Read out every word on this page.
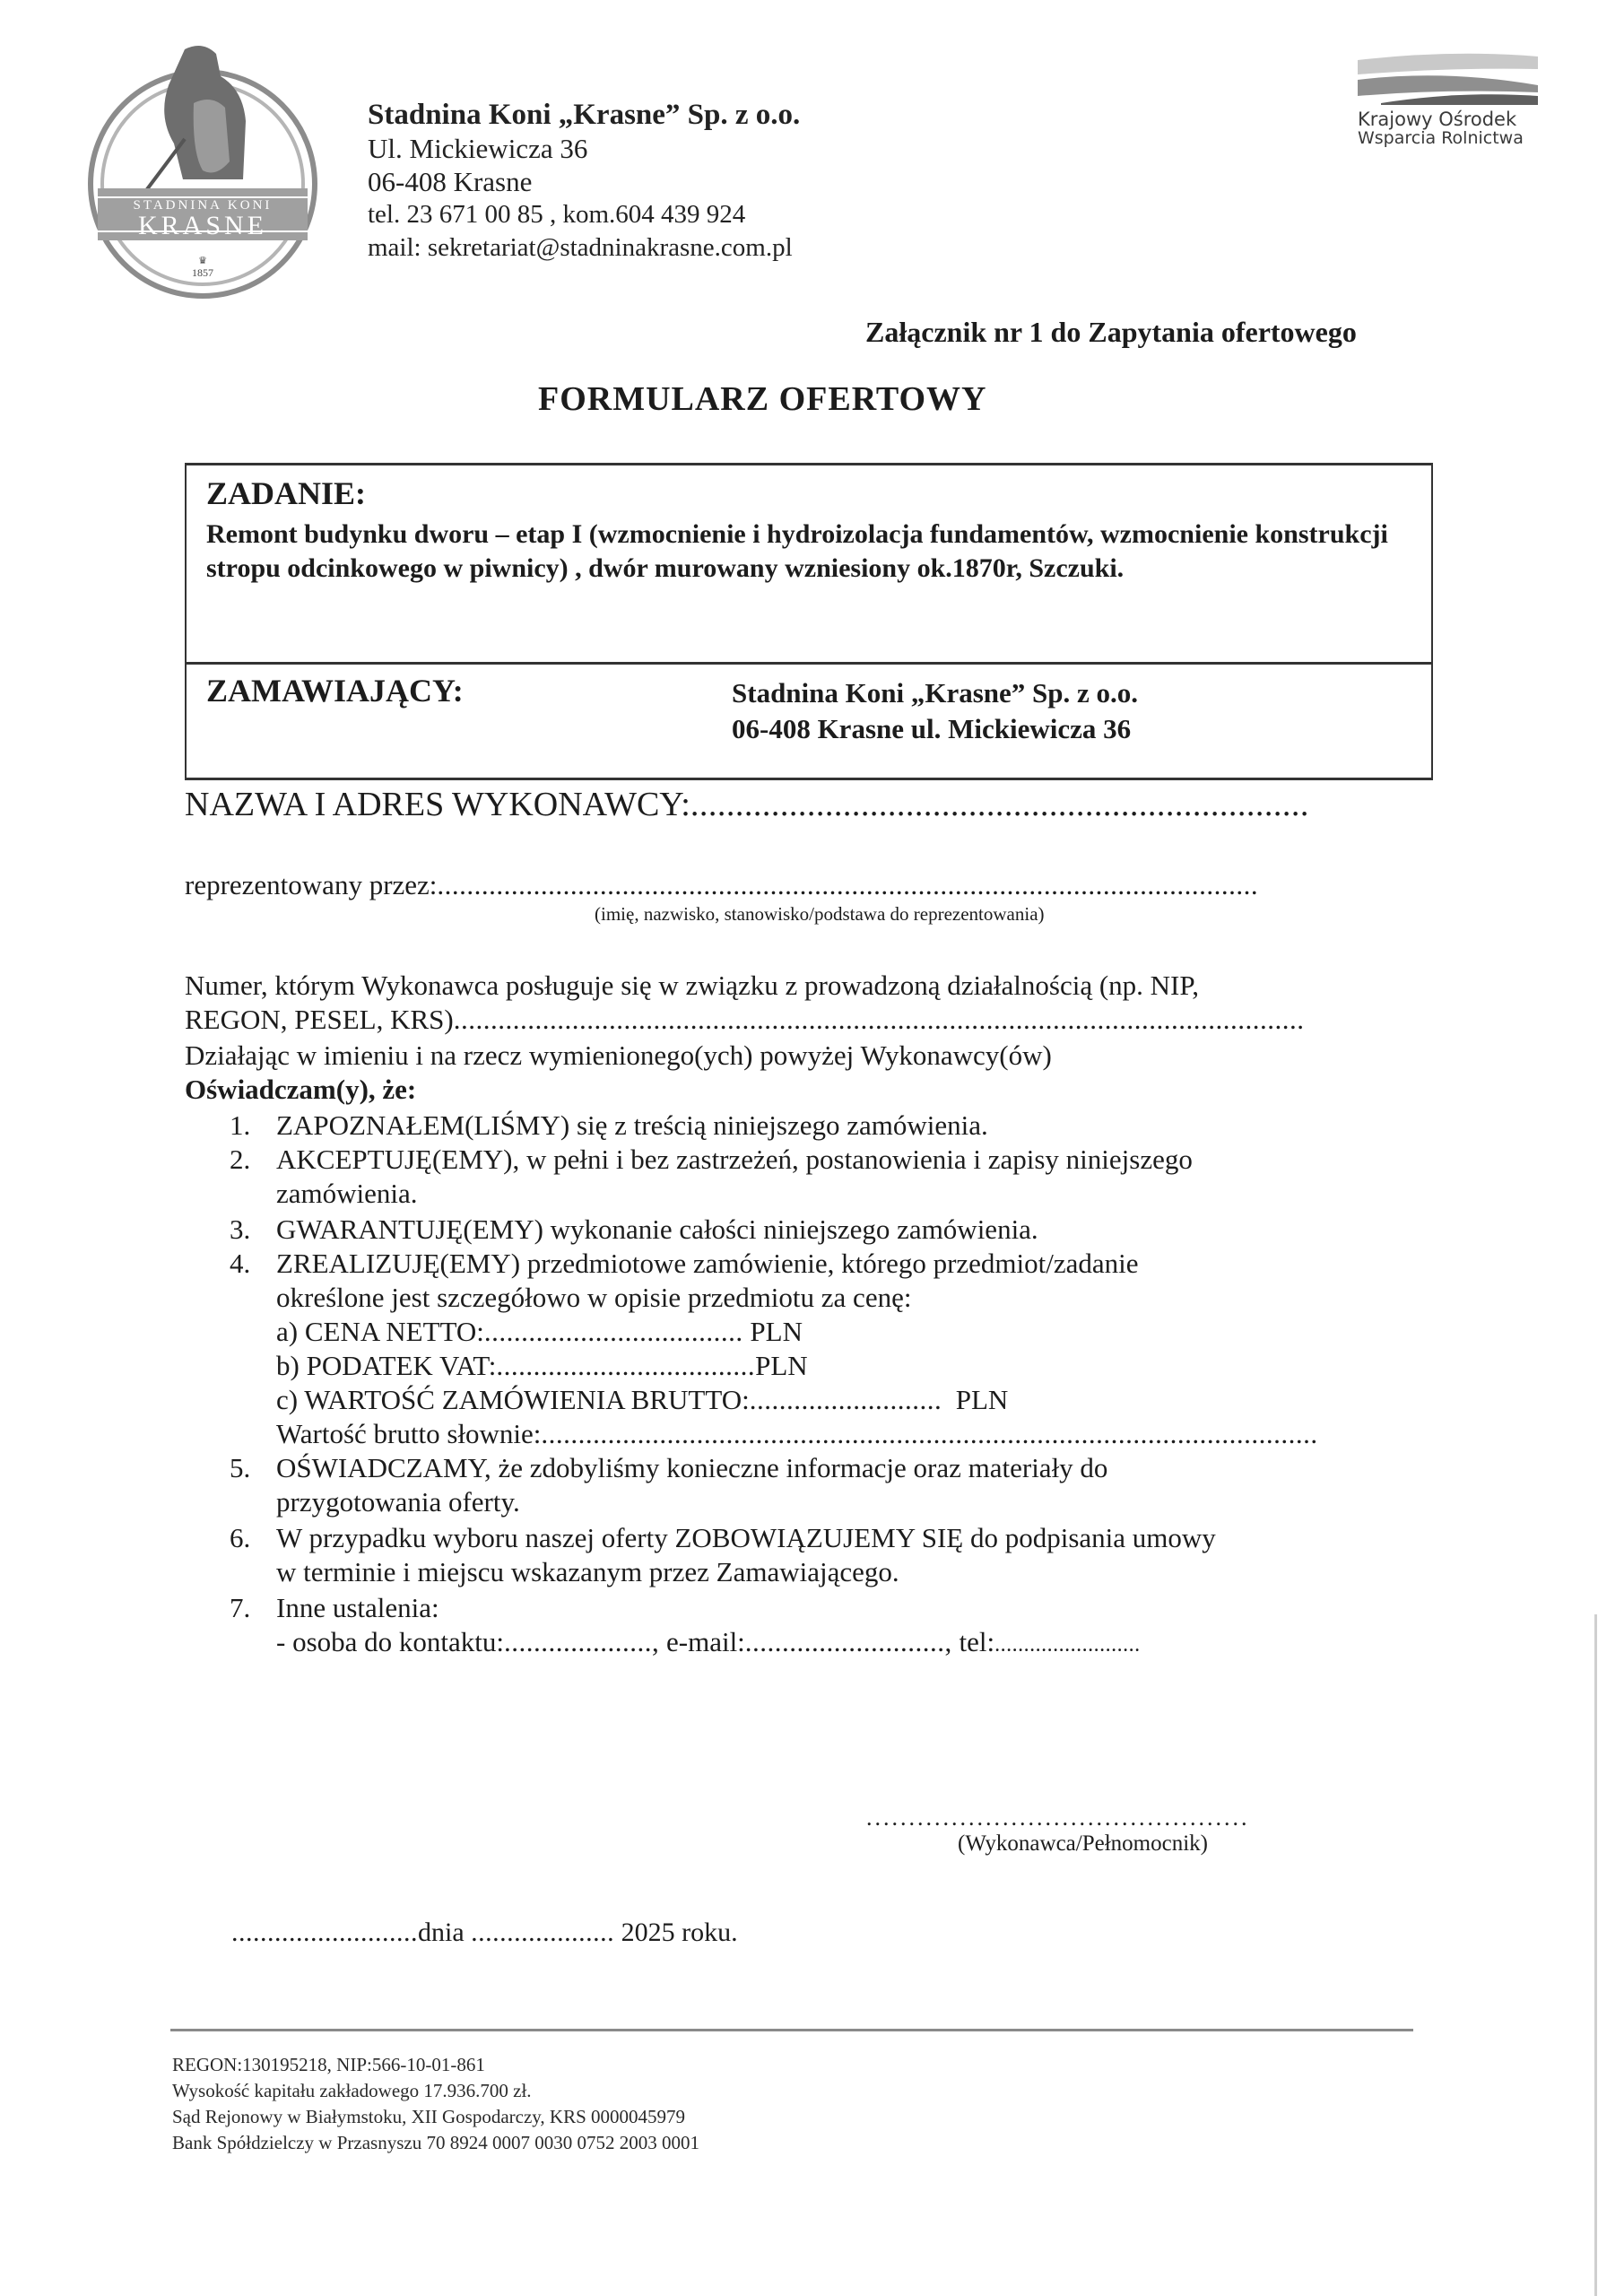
STADNINA KONI
KRASNE
♛
1857
Stadnina Koni „Krasne” Sp. z o.o.
Ul. Mickiewicza 36
06-408 Krasne
tel. 23 671 00 85 , kom.604 439 924
mail: sekretariat@stadninakrasne.com.pl
Krajowy Ośrodek
Wsparcia Rolnictwa
Załącznik nr 1 do Zapytania ofertowego
FORMULARZ OFERTOWY
ZADANIE:
Remont budynku dworu – etap I (wzmocnienie i hydroizolacja fundamentów, wzmocnienie konstrukcji stropu odcinkowego w piwnicy) , dwór murowany wzniesiony ok.1870r, Szczuki.
ZAMAWIAJĄCY:	Stadnina Koni „Krasne” Sp. z o.o.
06-408 Krasne ul. Mickiewicza 36
NAZWA I ADRES WYKONAWCY:.....................................................................
reprezentowany przez:...............................................................................................................
(imię, nazwisko, stanowisko/podstawa do reprezentowania)
Numer, którym Wykonawca posługuje się w związku z prowadzoną działalnością (np. NIP,
REGON, PESEL, KRS)...................................................................................................................
Działając w imieniu i na rzecz wymienionego(ych) powyżej Wykonawcy(ów)
Oświadczam(y), że:
1. ZAPOZNAŁEM(LIŚMY) się z treścią niniejszego zamówienia.
2. AKCEPTUJĘ(EMY), w pełni i bez zastrzeżeń, postanowienia i zapisy niniejszego
zamówienia.
3. GWARANTUJĘ(EMY) wykonanie całości niniejszego zamówienia.
4. ZREALIZUJĘ(EMY) przedmiotowe zamówienie, którego przedmiot/zadanie
określone jest szczegółowo w opisie przedmiotu za cenę:
a) CENA NETTO:................................... PLN
b) PODATEK VAT:...................................PLN
c) WARTOŚĆ ZAMÓWIENIA BRUTTO:.......................... PLN
Wartość brutto słownie:.........................................................................................................
5. OŚWIADCZAMY, że zdobyliśmy konieczne informacje oraz materiały do
przygotowania oferty.
6. W przypadku wyboru naszej oferty ZOBOWIĄZUJEMY SIĘ do podpisania umowy
w terminie i miejscu wskazanym przez Zamawiającego.
7. Inne ustalenia:
- osoba do kontaktu:...................., e-mail:..........................., tel:.........................
.............................................
(Wykonawca/Pełnomocnik)
..........................dnia .................... 2025 roku.
REGON:130195218, NIP:566-10-01-861
Wysokość kapitału zakładowego 17.936.700 zł.
Sąd Rejonowy w Białymstoku, XII Gospodarczy, KRS 0000045979
Bank Spółdzielczy w Przasnyszu 70 8924 0007 0030 0752 2003 0001
